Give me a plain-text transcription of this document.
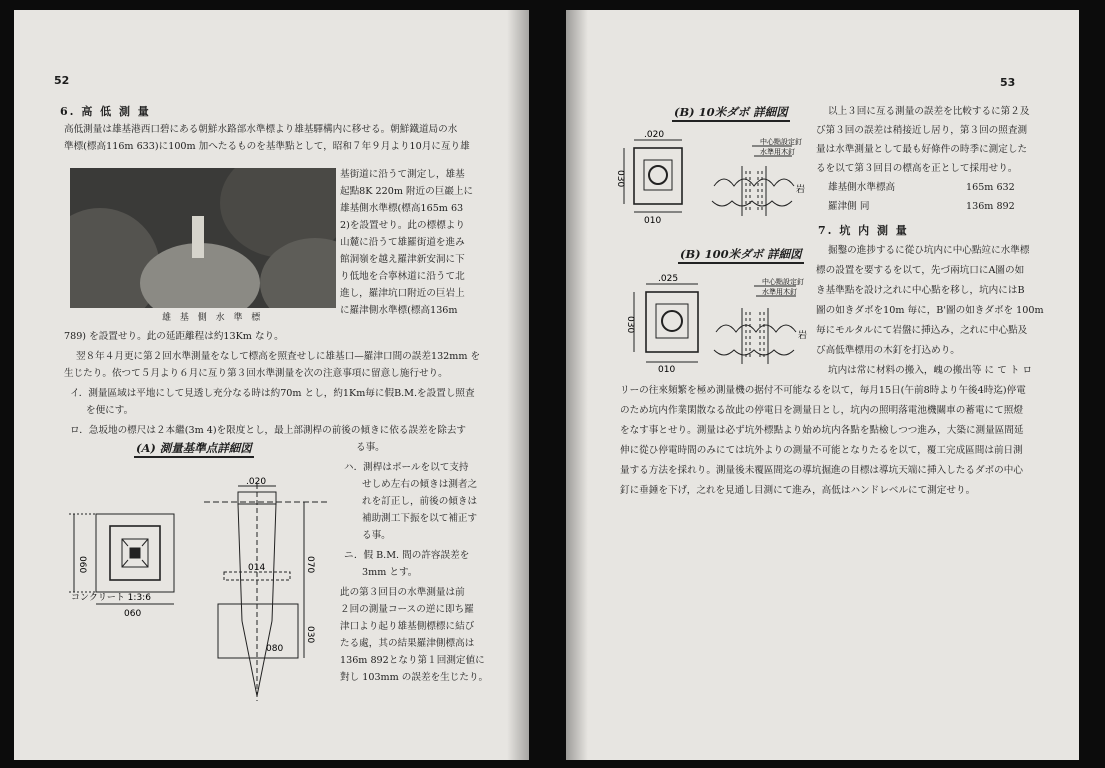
52
6. 高 低 測 量
高低測量は雄基港西口碧にある朝鮮水路部水準標より雄基驛構内に移せる。朝鮮鐵道局の水
準標(標高116m 633)に100m 加へたるものを基準點として，昭和７年９月より10月に亙り雄
雄 基 側 水 準 標
基街道に沿うて測定し，雄基
起點8K 220m 附近の巨巖上に
雄基側水準標(標高165m 63
2)を設置せり。此の標標より
山麓に沿うて雄羅街道を進み
館洞嶺を越え羅津新安洞に下
り低地を合寧林道に沿うて北
進し，羅津坑口附近の巨岩上
に羅津側水準標(標高136m
789) を設置せり。此の延距離程は約13Km なり。
翌８年４月更に第２回水準測量をなして標高を照査せしに雄基口—羅津口間の誤差132mm を
生じたり。依つて５月より６月に亙り第３回水準測量を次の注意事項に留意し施行せり。
イ．測量區域は平地にして見透し充分なる時は約70m とし，約1Km毎に假B.M.を設置し照査
を便にす。
ロ．急坂地の標尺は２本繼(3m 4)を限度とし，最上部測桿の前後の傾きに依る誤差を除去す
(A) 測量基準点詳細図	る事。
ハ．測桿はポールを以て支持
せしめ左右の傾きは測者之
れを訂正し，前後の傾きは
補助測工下振を以て補正す
る事。
ニ．假 B.M. 間の許容誤差を
3mm とす。
此の第３回目の水準測量は前
２回の測量コースの逆に即ち羅
津口より起り雄基側標標に結び
たる處，其の結果羅津側標高は
136m 892となり第１回測定値に
對し 103mm の誤差を生じたり。
060
コンクリート 1:3:6
060
.020
070
030
014
080
53
(B) 10米ダボ 詳細図
.020
030
010
中心點設定釘
水準用木釘
岩
(B) 100米ダボ 詳細図
.025
030
010
中心點設定釘
水準用木釘
岩
以上３回に亙る測量の誤差を比較するに第２及
び第３回の誤差は稍接近し居り，第３回の照査測
量は水準測量として最も好條件の時季に測定した
るを以て第３回目の標高を正として採用せり。
雄基側水準標高	165m 632
羅津側 同	136m 892
7. 坑 内 測 量
掘鑿の進捗するに從ひ坑内に中心點竝に水準標
標の設置を要するを以て，先づ兩坑口にA圖の如
き基準點を設け之れに中心點を移し，坑内にはB
圖の如きダボを10m 毎に，B'圖の如きダボを 100m
毎にモルタルにて岩盤に挿込み，之れに中心點及
び高低準標用の木釘を打込めり。
坑内は常に材料の搬入，㟴の搬出等 に て ト ロ
リーの往來頻繁を極め測量機の据付不可能なるを以て，毎月15日(午前8時より午後4時迄)停電
のため坑内作業閑散なる故此の停電日を測量日とし，坑内の照明落電池機關車の蓄電にて照燈
をなす事とせり。測量は必ず坑外標點より始め坑内各點を點檢しつつ進み，大築に測量區間延
伸に從ひ停電時間のみにては坑外よりの測量不可能となりたるを以て，覆工完成區間は前日測
量する方法を採れり。測量後未覆區間迄の導坑掘進の目標は導坑天端に挿入したるダボの中心
釘に垂錘を下げ，之れを見通し目測にて進み，高低はハンドレベルにて測定せり。
